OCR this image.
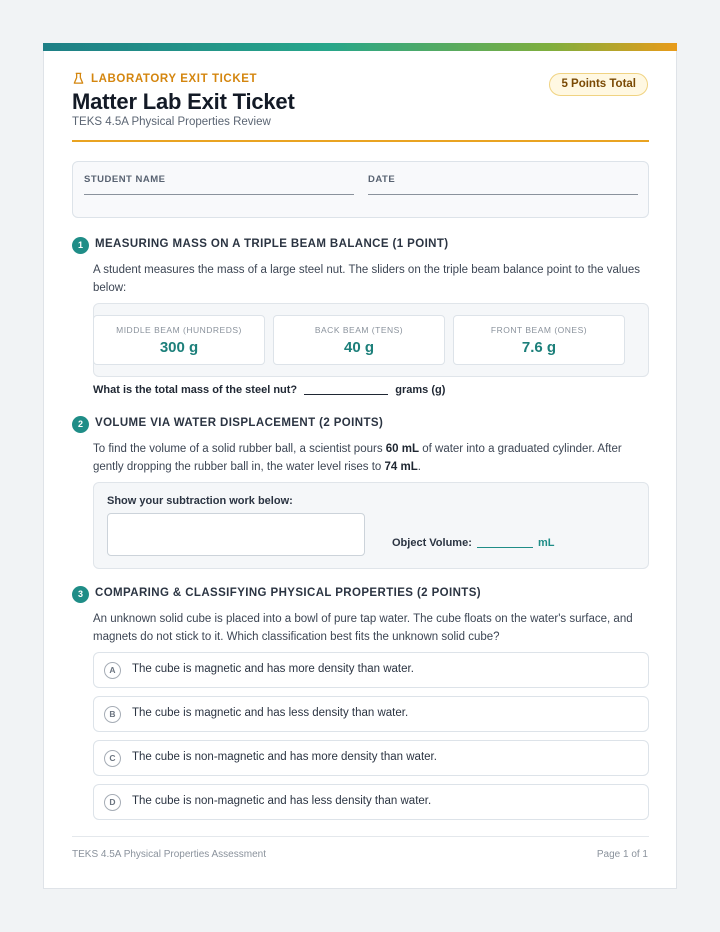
LABORATORY EXIT TICKET
Matter Lab Exit Ticket
TEKS 4.5A Physical Properties Review
5 Points Total
STUDENT NAME	DATE
1	MEASURING MASS ON A TRIPLE BEAM BALANCE (1 POINT)
A student measures the mass of a large steel nut. The sliders on the triple beam balance point to the values below:
MIDDLE BEAM (HUNDREDS)
300 g
BACK BEAM (TENS)
40 g
FRONT BEAM (ONES)
7.6 g
What is the total mass of the steel nut?	grams (g)
2	VOLUME VIA WATER DISPLACEMENT (2 POINTS)
To find the volume of a solid rubber ball, a scientist pours 60 mL of water into a graduated cylinder. After gently dropping the rubber ball in, the water level rises to 74 mL.
Show your subtraction work below:
Object Volume:	mL
3	COMPARING & CLASSIFYING PHYSICAL PROPERTIES (2 POINTS)
An unknown solid cube is placed into a bowl of pure tap water. The cube floats on the water's surface, and magnets do not stick to it. Which classification best fits the unknown solid cube?
A	The cube is magnetic and has more density than water.
B	The cube is magnetic and has less density than water.
C	The cube is non-magnetic and has more density than water.
D	The cube is non-magnetic and has less density than water.
TEKS 4.5A Physical Properties Assessment	Page 1 of 1
